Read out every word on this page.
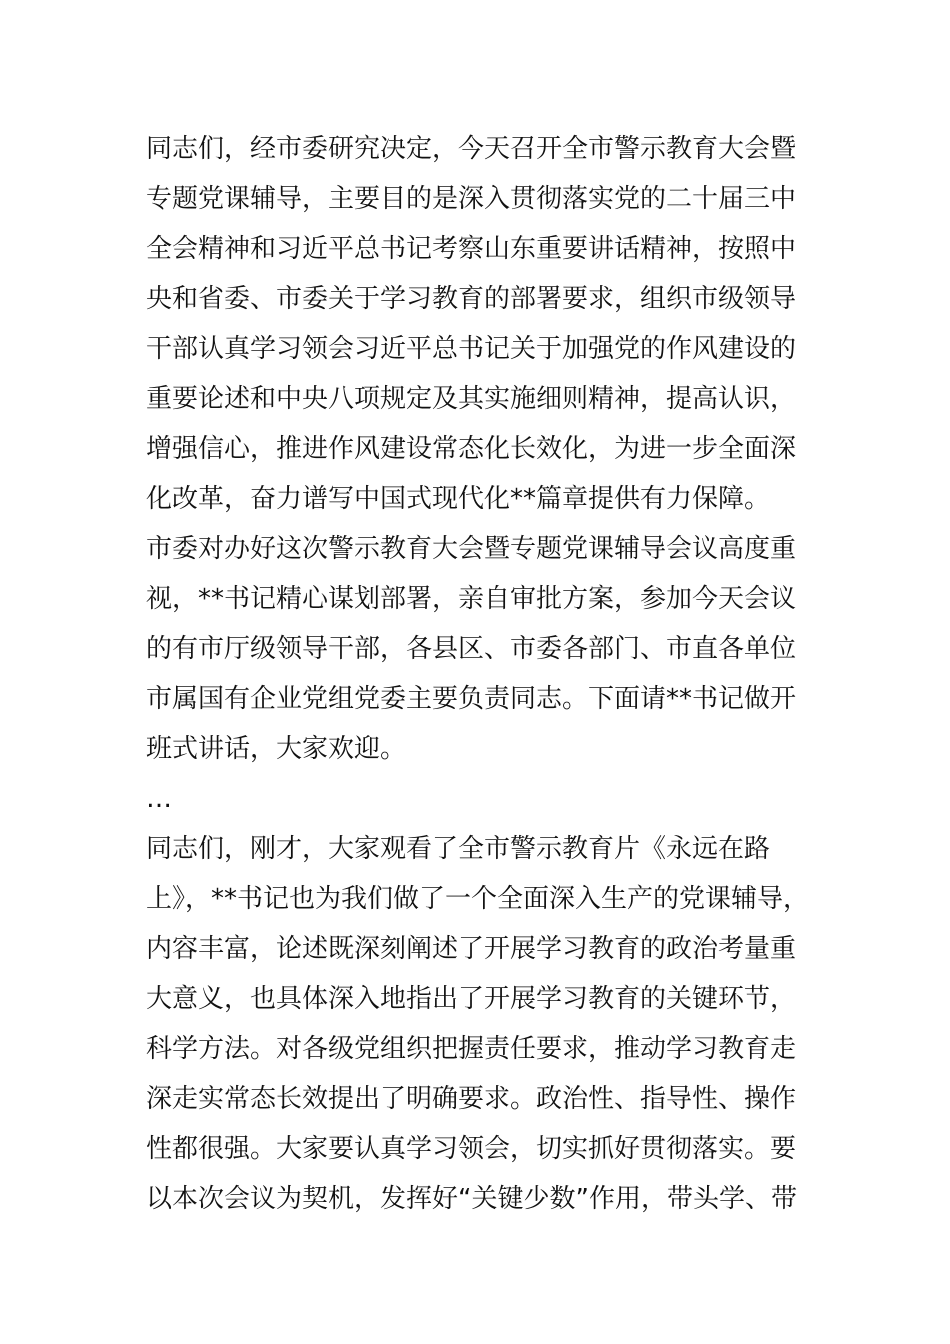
同志们，经市委研究决定，今天召开全市警示教育大会暨
专题党课辅导，主要目的是深入贯彻落实党的二十届三中
全会精神和习近平总书记考察山东重要讲话精神，按照中
央和省委、市委关于学习教育的部署要求，组织市级领导
干部认真学习领会习近平总书记关于加强党的作风建设的
重要论述和中央八项规定及其实施细则精神，提高认识，
增强信心，推进作风建设常态化长效化，为进一步全面深
化改革，奋力谱写中国式现代化**篇章提供有力保障。
市委对办好这次警示教育大会暨专题党课辅导会议高度重
视，**书记精心谋划部署，亲自审批方案，参加今天会议
的有市厅级领导干部，各县区、市委各部门、市直各单位
市属国有企业党组党委主要负责同志。下面请**书记做开
班式讲话，大家欢迎。
…
同志们，刚才，大家观看了全市警示教育片《永远在路
上》，**书记也为我们做了一个全面深入生产的党课辅导，
内容丰富，论述既深刻阐述了开展学习教育的政治考量重
大意义，也具体深入地指出了开展学习教育的关键环节，
科学方法。对各级党组织把握责任要求，推动学习教育走
深走实常态长效提出了明确要求。政治性、指导性、操作
性都很强。大家要认真学习领会，切实抓好贯彻落实。要
以本次会议为契机，发挥好“关键少数”作用，带头学、带
